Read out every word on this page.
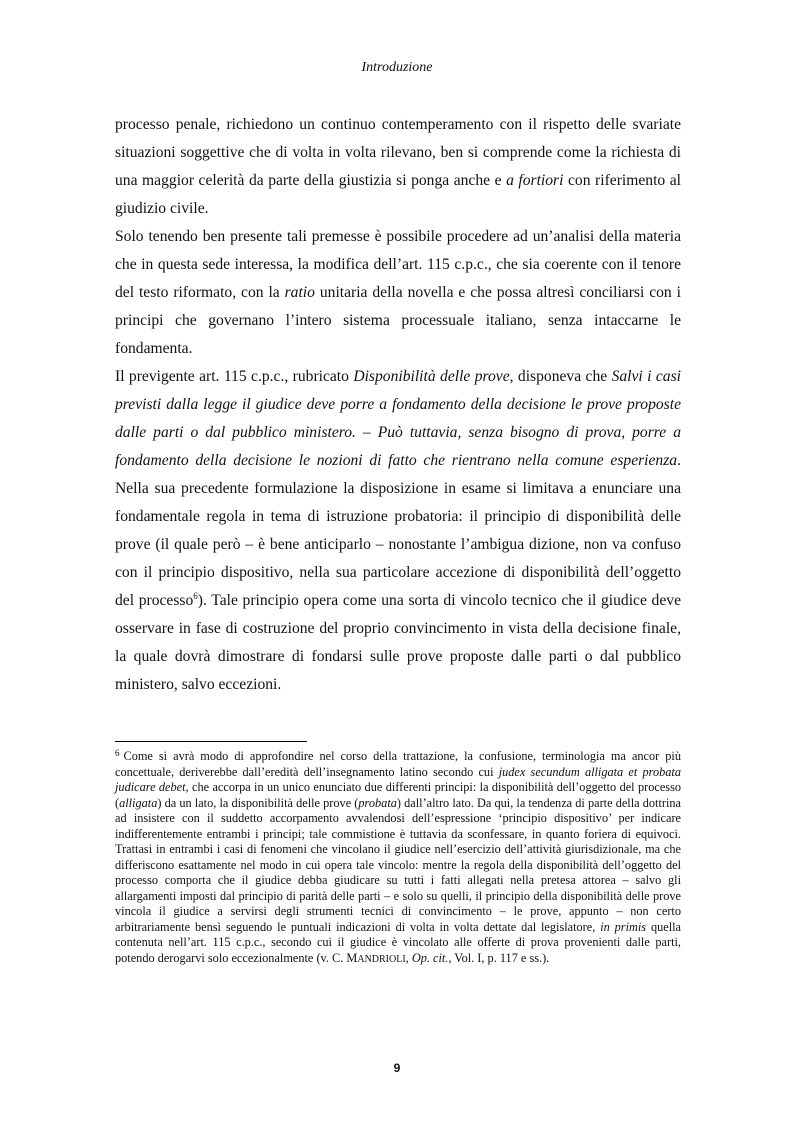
Introduzione

processo penale, richiedono un continuo contemperamento con il rispetto delle svariate situazioni soggettive che di volta in volta rilevano, ben si comprende come la richiesta di una maggior celerità da parte della giustizia si ponga anche e a fortiori con riferimento al giudizio civile.

Solo tenendo ben presente tali premesse è possibile procedere ad un’analisi della materia che in questa sede interessa, la modifica dell’art. 115 c.p.c., che sia coerente con il tenore del testo riformato, con la ratio unitaria della novella e che possa altresì conciliarsi con i principi che governano l’intero sistema processuale italiano, senza intaccarne le fondamenta.

Il previgente art. 115 c.p.c., rubricato Disponibilità delle prove, disponeva che Salvi i casi previsti dalla legge il giudice deve porre a fondamento della decisione le prove proposte dalle parti o dal pubblico ministero. – Può tuttavia, senza bisogno di prova, porre a fondamento della decisione le nozioni di fatto che rientrano nella comune esperienza. Nella sua precedente formulazione la disposizione in esame si limitava a enunciare una fondamentale regola in tema di istruzione probatoria: il principio di disponibilità delle prove (il quale però – è bene anticiparlo – nonostante l’ambigua dizione, non va confuso con il principio dispositivo, nella sua particolare accezione di disponibilità dell’oggetto del processo$^6$). Tale principio opera come una sorta di vincolo tecnico che il giudice deve osservare in fase di costruzione del proprio convincimento in vista della decisione finale, la quale dovrà dimostrare di fondarsi sulle prove proposte dalle parti o dal pubblico ministero, salvo eccezioni.

$^6$ Come si avrà modo di approfondire nel corso della trattazione, la confusione, terminologia ma ancor più concettuale, deriverebbe dall’eredità dell’insegnamento latino secondo cui judex secundum alligata et probata judicare debet, che accorpa in un unico enunciato due differenti principi: la disponibilità dell’oggetto del processo (alligata) da un lato, la disponibilità delle prove (probata) dall’altro lato. Da qui, la tendenza di parte della dottrina ad insistere con il suddetto accorpamento avvalendosi dell’espressione ‘principio dispositivo’ per indicare indifferentemente entrambi i principi; tale commistione è tuttavia da sconfessare, in quanto foriera di equivoci. Trattasi in entrambi i casi di fenomeni che vincolano il giudice nell’esercizio dell’attività giurisdizionale, ma che differiscono esattamente nel modo in cui opera tale vincolo: mentre la regola della disponibilità dell’oggetto del processo comporta che il giudice debba giudicare su tutti i fatti allegati nella pretesa attorea – salvo gli allargamenti imposti dal principio di parità delle parti – e solo su quelli, il principio della disponibilità delle prove vincola il giudice a servirsi degli strumenti tecnici di convincimento – le prove, appunto – non certo arbitrariamente bensì seguendo le puntuali indicazioni di volta in volta dettate dal legislatore, in primis quella contenuta nell’art. 115 c.p.c., secondo cui il giudice è vincolato alle offerte di prova provenienti dalle parti, potendo derogarvi solo eccezionalmente (v. C. MANDRIOLI, Op. cit., Vol. I, p. 117 e ss.).

9
